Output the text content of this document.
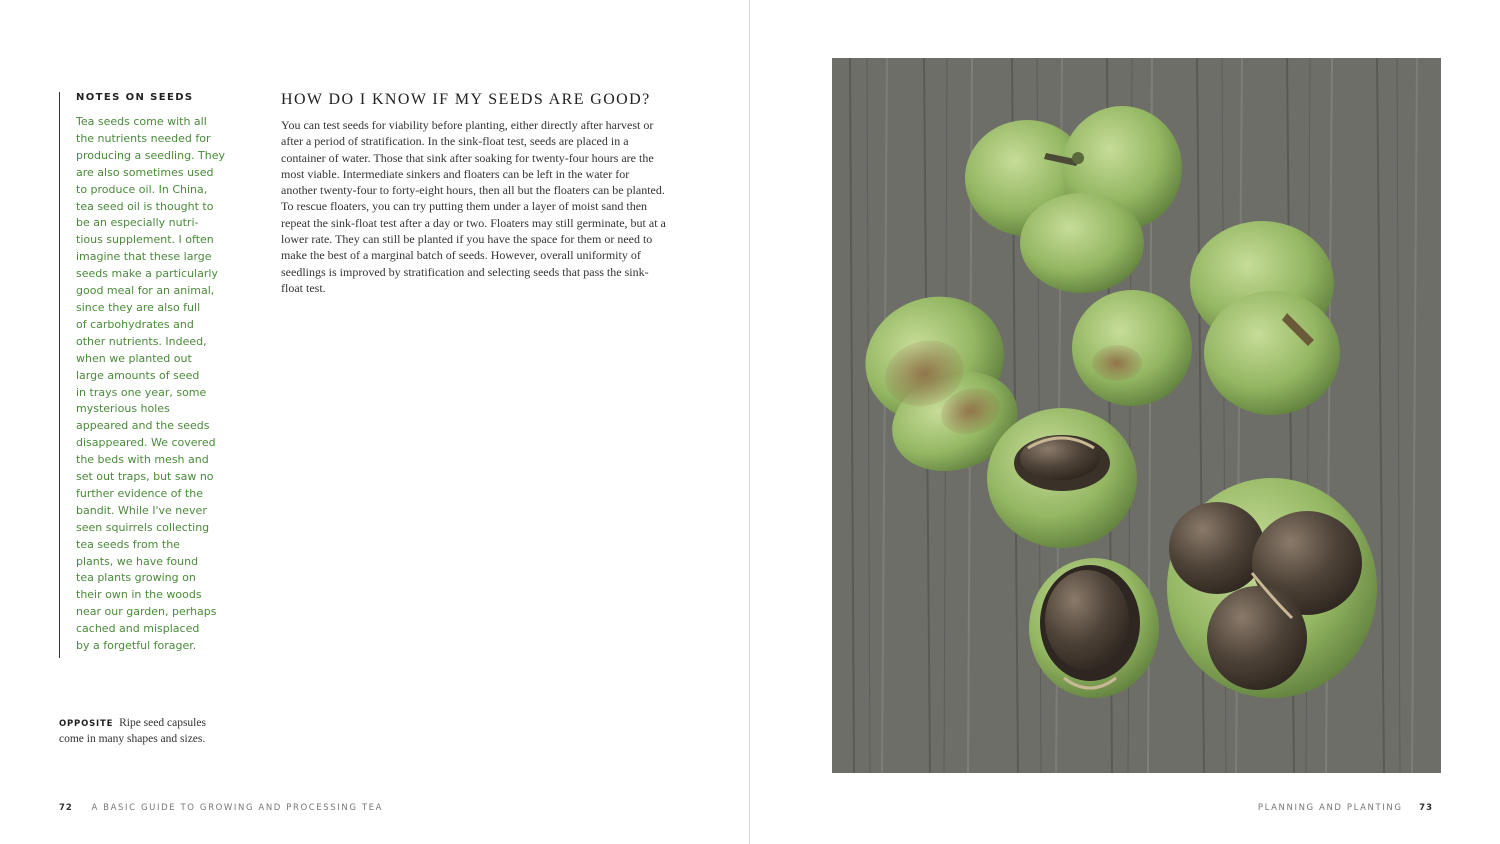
NOTES ON SEEDS

Tea seeds come with all
the nutrients needed for
producing a seedling. They
are also sometimes used
to produce oil. In China,
tea seed oil is thought to
be an especially nutri-
tious supplement. I often
imagine that these large
seeds make a particularly
good meal for an animal,
since they are also full
of carbohydrates and
other nutrients. Indeed,
when we planted out
large amounts of seed
in trays one year, some
mysterious holes
appeared and the seeds
disappeared. We covered
the beds with mesh and
set out traps, but saw no
further evidence of the
bandit. While I've never
seen squirrels collecting
tea seeds from the
plants, we have found
tea plants growing on
their own in the woods
near our garden, perhaps
cached and misplaced
by a forgetful forager.

HOW DO I KNOW IF MY SEEDS ARE GOOD?

You can test seeds for viability before planting, either directly after harvest or after a period of stratification. In the sink-float test, seeds are placed in a container of water. Those that sink after soaking for twenty-four hours are the most viable. Intermediate sinkers and floaters can be left in the water for another twenty-four to forty-eight hours, then all but the floaters can be planted. To rescue floaters, you can try putting them under a layer of moist sand then repeat the sink-float test after a day or two. Floaters may still germinate, but at a lower rate. They can still be planted if you have the space for them or need to make the best of a marginal batch of seeds. However, overall uniformity of seedlings is improved by stratification and selecting seeds that pass the sink-float test.

OPPOSITE Ripe seed capsules come in many shapes and sizes.
72 A BASIC GUIDE TO GROWING AND PROCESSING TEA	PLANNING AND PLANTING 73
